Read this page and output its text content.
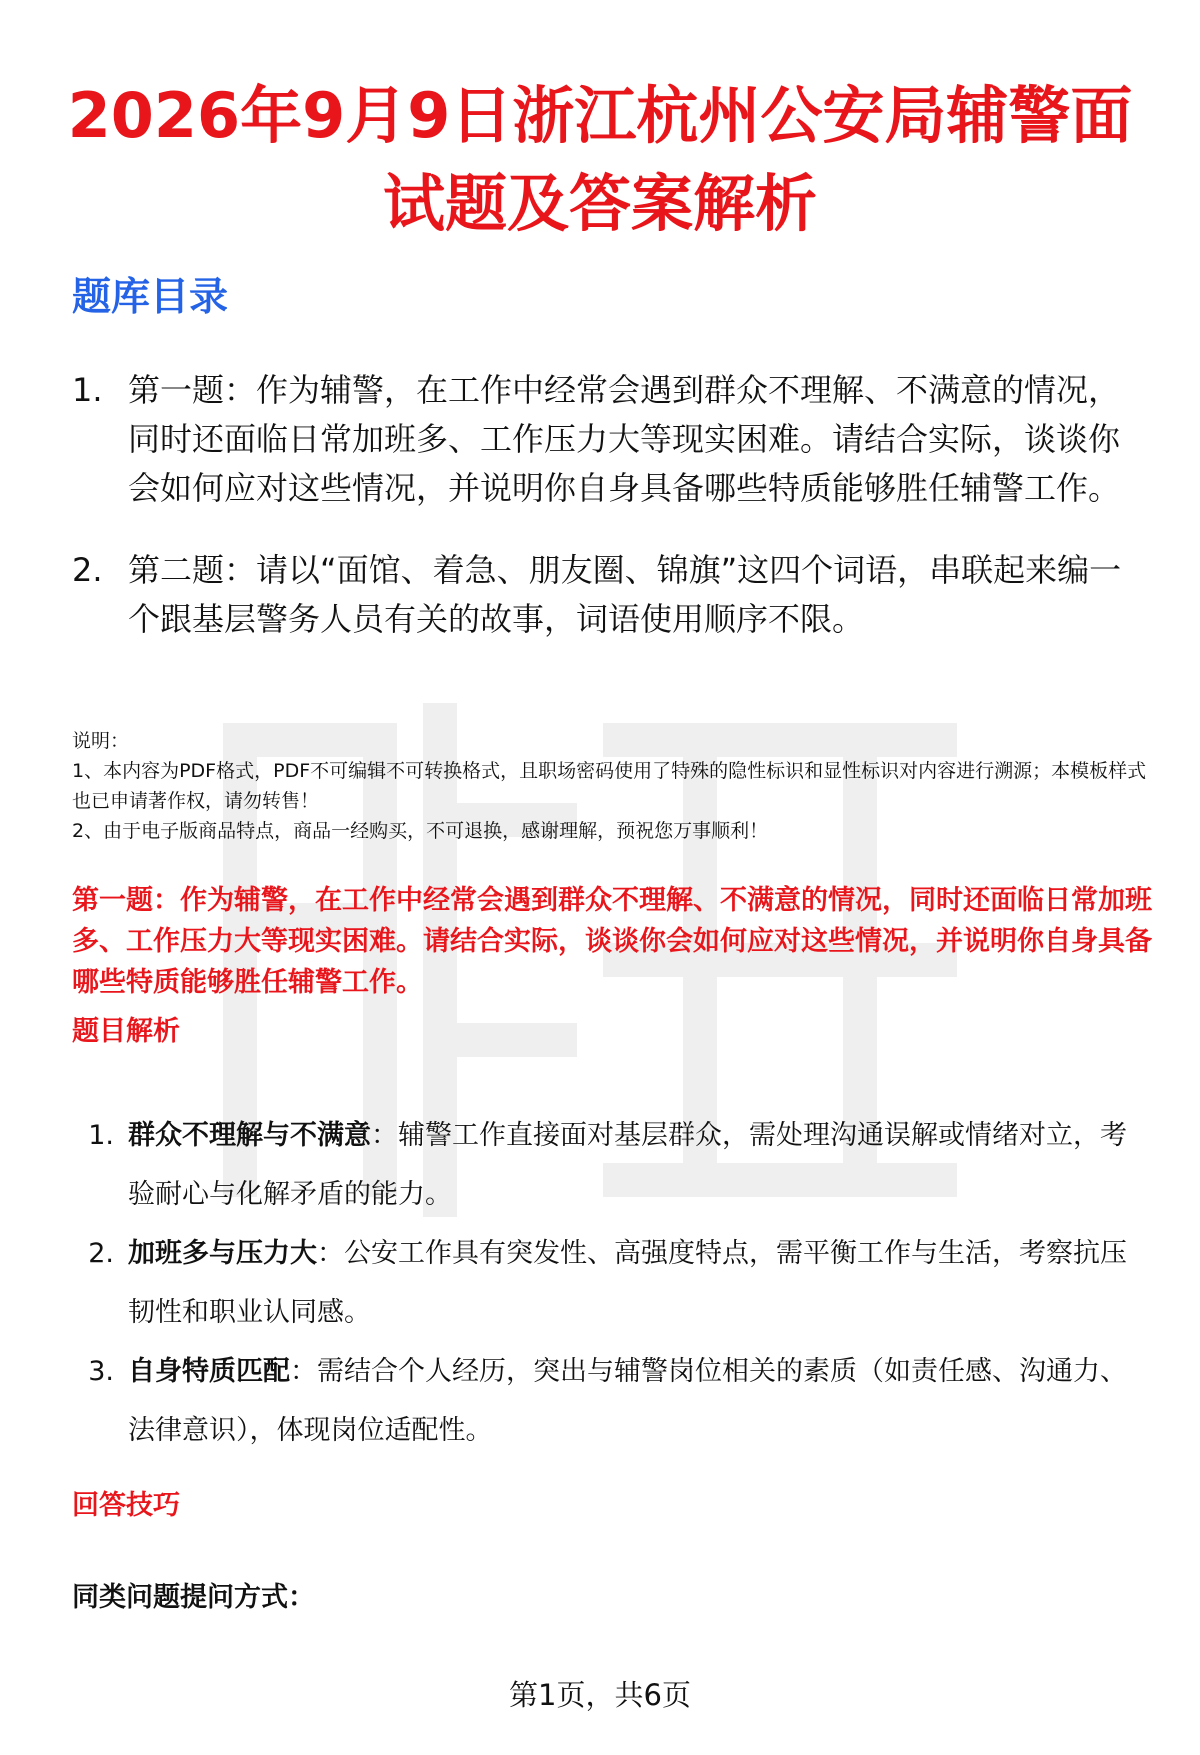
2026年9月9日浙江杭州公安局辅警面试题及答案解析
题库目录
1. 第一题：作为辅警，在工作中经常会遇到群众不理解、不满意的情况，同时还面临日常加班多、工作压力大等现实困难。请结合实际，谈谈你会如何应对这些情况，并说明你自身具备哪些特质能够胜任辅警工作。
2. 第二题：请以“面馆、着急、朋友圈、锦旗”这四个词语，串联起来编一个跟基层警务人员有关的故事，词语使用顺序不限。
说明：
1、本内容为PDF格式，PDF不可编辑不可转换格式，且职场密码使用了特殊的隐性标识和显性标识对内容进行溯源；本模板样式也已申请著作权，请勿转售！
2、由于电子版商品特点，商品一经购买，不可退换，感谢理解，预祝您万事顺利！
第一题：作为辅警，在工作中经常会遇到群众不理解、不满意的情况，同时还面临日常加班多、工作压力大等现实困难。请结合实际，谈谈你会如何应对这些情况，并说明你自身具备哪些特质能够胜任辅警工作。
题目解析
1. 群众不理解与不满意：辅警工作直接面对基层群众，需处理沟通误解或情绪对立，考验耐心与化解矛盾的能力。
2. 加班多与压力大：公安工作具有突发性、高强度特点，需平衡工作与生活，考察抗压韧性和职业认同感。
3. 自身特质匹配：需结合个人经历，突出与辅警岗位相关的素质（如责任感、沟通力、法律意识），体现岗位适配性。
回答技巧
同类问题提问方式：
第1页，共6页
